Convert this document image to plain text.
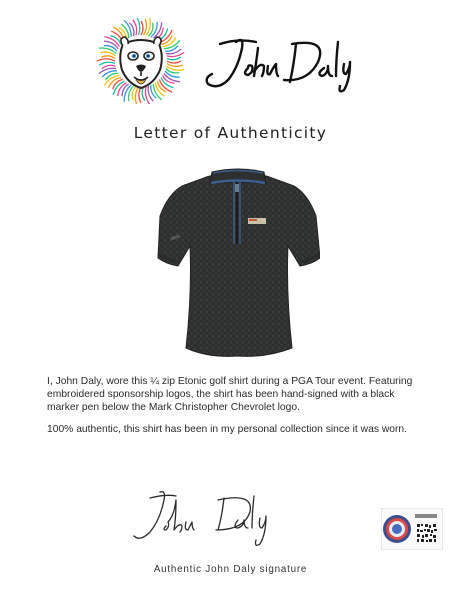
Letter of Authenticity

I, John Daly, wore this ¼ zip Etonic golf shirt during a PGA Tour event. Featuring embroidered sponsorship logos, the shirt has been hand-signed with a black marker pen below the Mark Christopher Chevrolet logo.

100% authentic, this shirt has been in my personal collection since it was worn.

Authentic John Daly signature
